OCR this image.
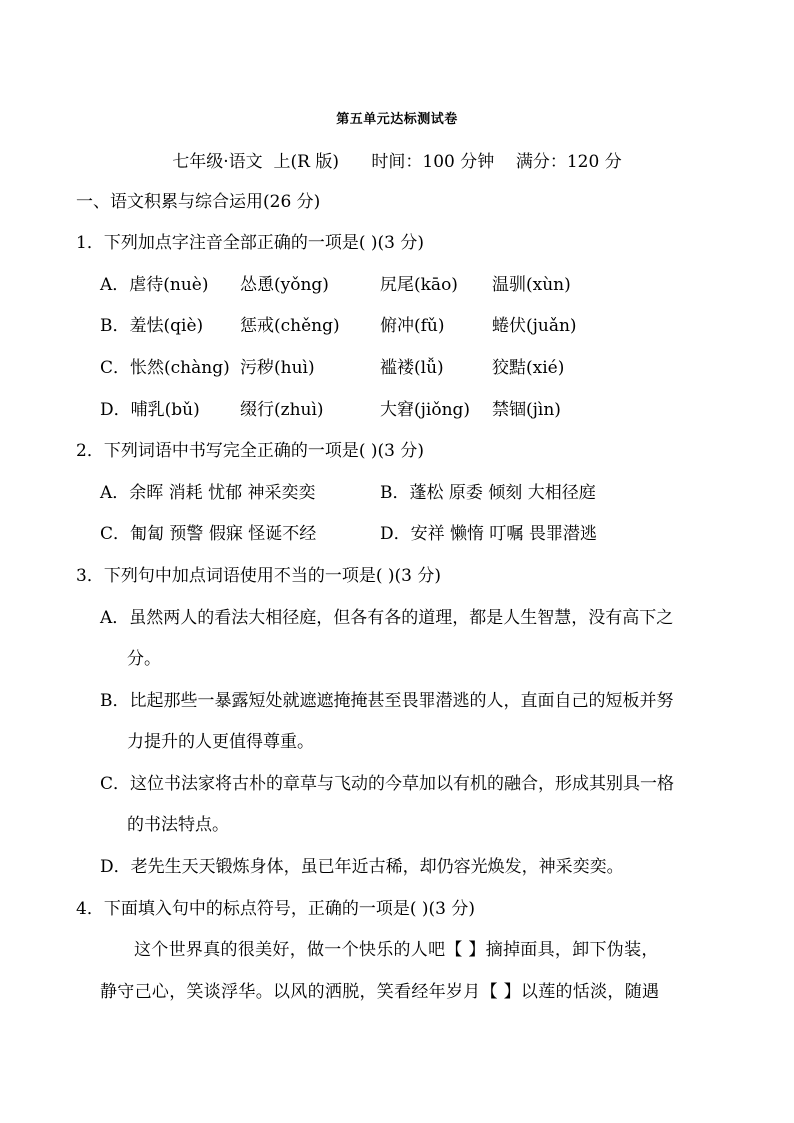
第五单元达标测试卷
七年级·语文  上(R 版)      时间：100 分钟    满分：120 分
一、语文积累与综合运用(26 分)
1．下列加点字注音全部正确的一项是( )(3 分)
A．虐待(nuè) 怂恿(yǒng)	尻尾(kāo) 温驯(xùn)
B．羞怯(qiè) 惩戒(chěng) 俯冲(fǔ)	蜷伏(juǎn)
C．怅然(chàng) 污秽(huì)	褴褛(lǚ)	狡黠(xié)
D．哺乳(bǔ) 缀行(zhuì)	大窘(jiǒng) 禁锢(jìn)
2．下列词语中书写完全正确的一项是( )(3 分)
A．余晖 消耗 忧郁 神采奕奕	B．蓬松 原委 倾刻 大相径庭
C．匍匐 预警 假寐 怪诞不经	D．安祥 懒惰 叮嘱 畏罪潜逃
3．下列句中加点词语使用不当的一项是( )(3 分)
A．虽然两人的看法大相径庭，但各有各的道理，都是人生智慧，没有高下之
分。
B．比起那些一暴露短处就遮遮掩掩甚至畏罪潜逃的人，直面自己的短板并努
力提升的人更值得尊重。
C．这位书法家将古朴的章草与飞动的今草加以有机的融合，形成其别具一格
的书法特点。
D．老先生天天锻炼身体，虽已年近古稀，却仍容光焕发，神采奕奕。
4．下面填入句中的标点符号，正确的一项是( )(3 分)
这个世界真的很美好，做一个快乐的人吧【 】摘掉面具，卸下伪装，
静守己心，笑谈浮华。以风的洒脱，笑看经年岁月【 】以莲的恬淡，随遇
